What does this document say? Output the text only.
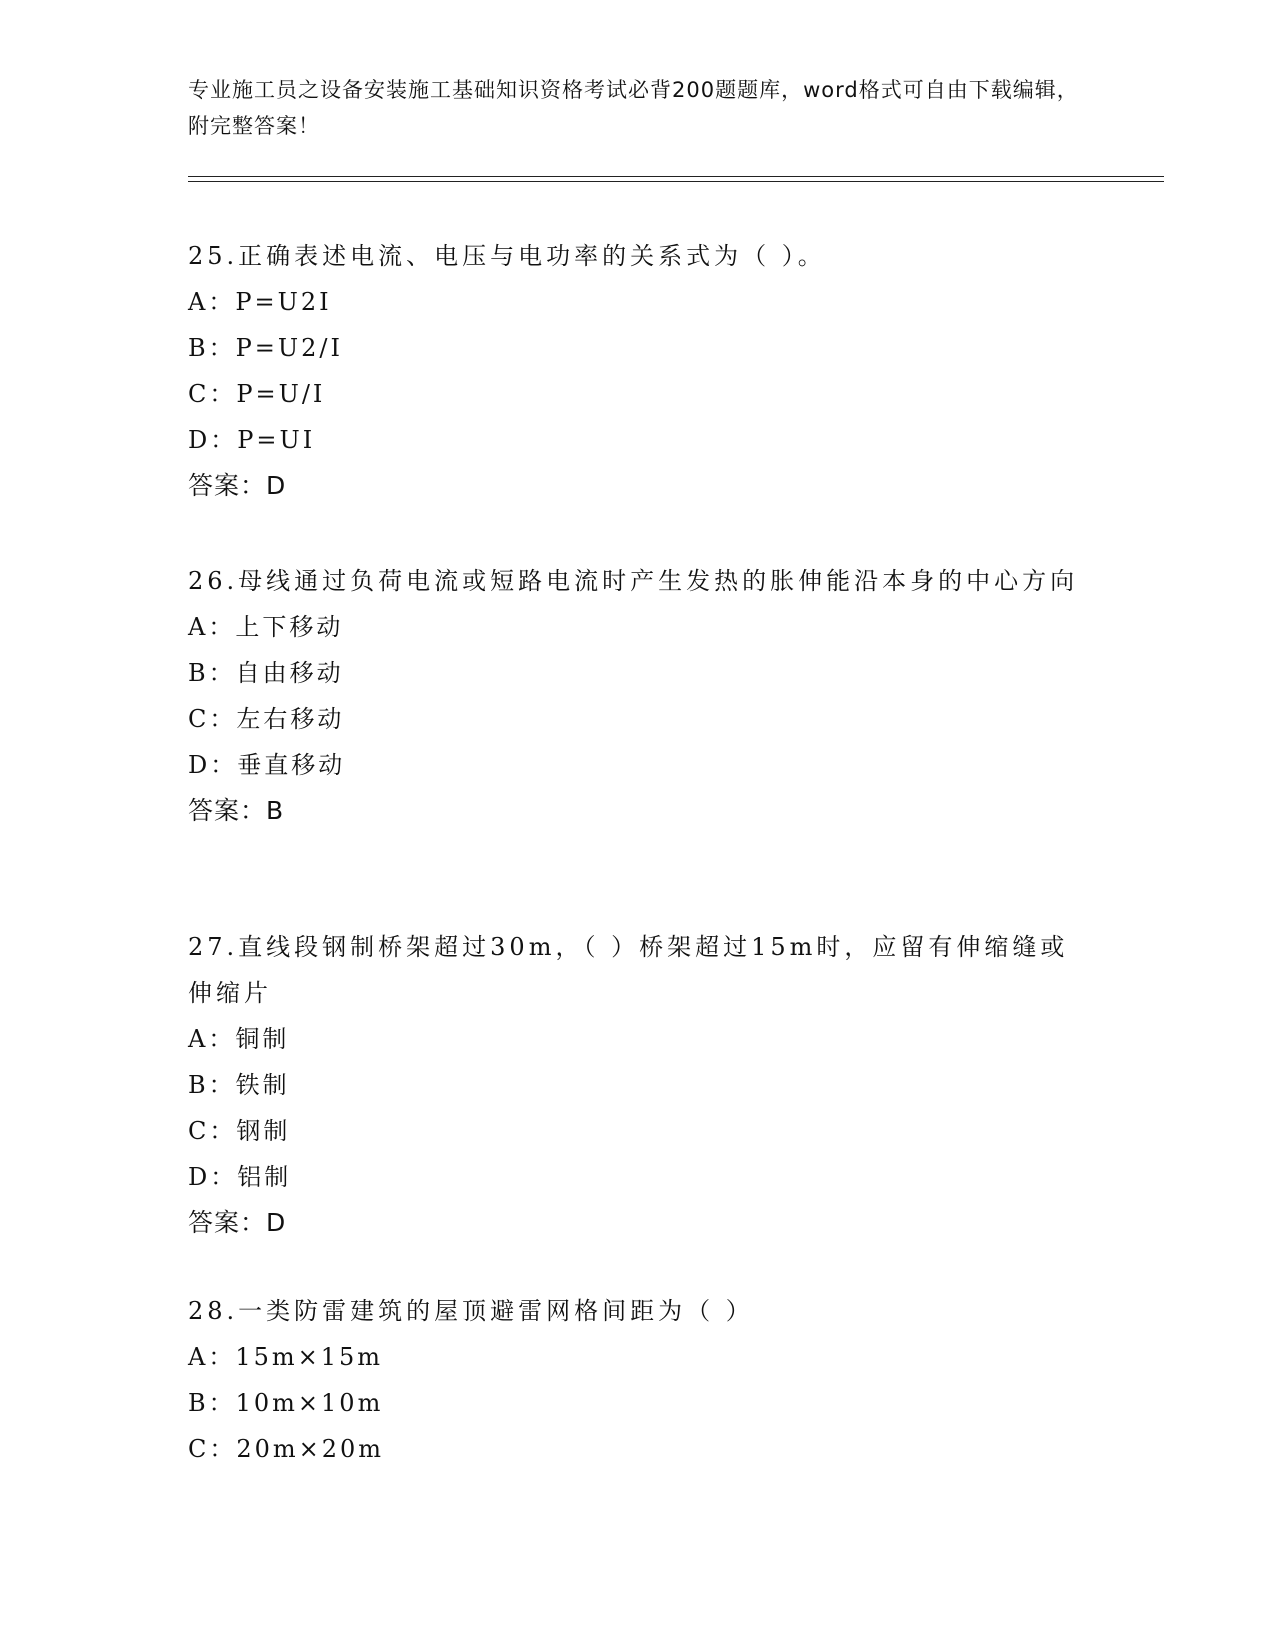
专业施工员之设备安装施工基础知识资格考试必背200题题库，word格式可自由下载编辑，附完整答案！
25.正确表述电流、电压与电功率的关系式为（ ）。
A：P=U2I
B：P=U2/I
C：P=U/I
D：P=UI
答案：D
26.母线通过负荷电流或短路电流时产生发热的胀伸能沿本身的中心方向
A：上下移动
B：自由移动
C：左右移动
D：垂直移动
答案：B
27.直线段钢制桥架超过30m，（ ）桥架超过15m时，应留有伸缩缝或伸缩片
A：铜制
B：铁制
C：钢制
D：铝制
答案：D
28.一类防雷建筑的屋顶避雷网格间距为（ ）
A：15m×15m
B：10m×10m
C：20m×20m
